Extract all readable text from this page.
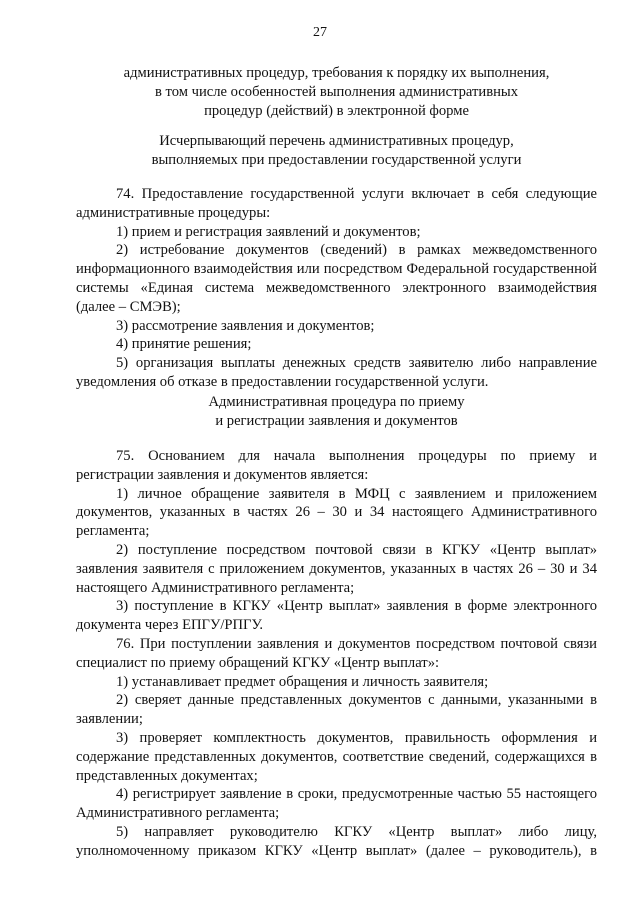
27

административных процедур, требования к порядку их выполнения,

в том числе особенностей выполнения административных

процедур (действий) в электронной форме

Исчерпывающий перечень административных процедур,

выполняемых при предоставлении государственной услуги

74. Предоставление государственной услуги включает в себя следующие административные процедуры:

1) прием и регистрация заявлений и документов;

2) истребование документов (сведений) в рамках межведомственного информационного взаимодействия или посредством Федеральной государственной системы «Единая система межведомственного электронного взаимодействия (далее – СМЭВ);

3) рассмотрение заявления и документов;

4) принятие решения;

5) организация выплаты денежных средств заявителю либо направление уведомления об отказе в предоставлении государственной услуги.

Административная процедура по приему

и регистрации заявления и документов

75. Основанием для начала выполнения процедуры по приему и регистрации заявления и документов является:

1) личное обращение заявителя в МФЦ с заявлением и приложением документов, указанных в частях 26 – 30 и 34 настоящего Административного регламента;

2) поступление посредством почтовой связи в КГКУ «Центр выплат» заявления заявителя с приложением документов, указанных в частях 26 – 30 и 34 настоящего Административного регламента;

3) поступление в КГКУ «Центр выплат» заявления в форме электронного документа через ЕПГУ/РПГУ.

76. При поступлении заявления и документов посредством почтовой связи специалист по приему обращений КГКУ «Центр выплат»:

1) устанавливает предмет обращения и личность заявителя;

2) сверяет данные представленных документов с данными, указанными в заявлении;

3) проверяет комплектность документов, правильность оформления и содержание представленных документов, соответствие сведений, содержащихся в представленных документах;

4) регистрирует заявление в сроки, предусмотренные частью 55 настоящего Административного регламента;

5) направляет руководителю КГКУ «Центр выплат» либо лицу, уполномоченному приказом КГКУ «Центр выплат» (далее – руководитель), в
